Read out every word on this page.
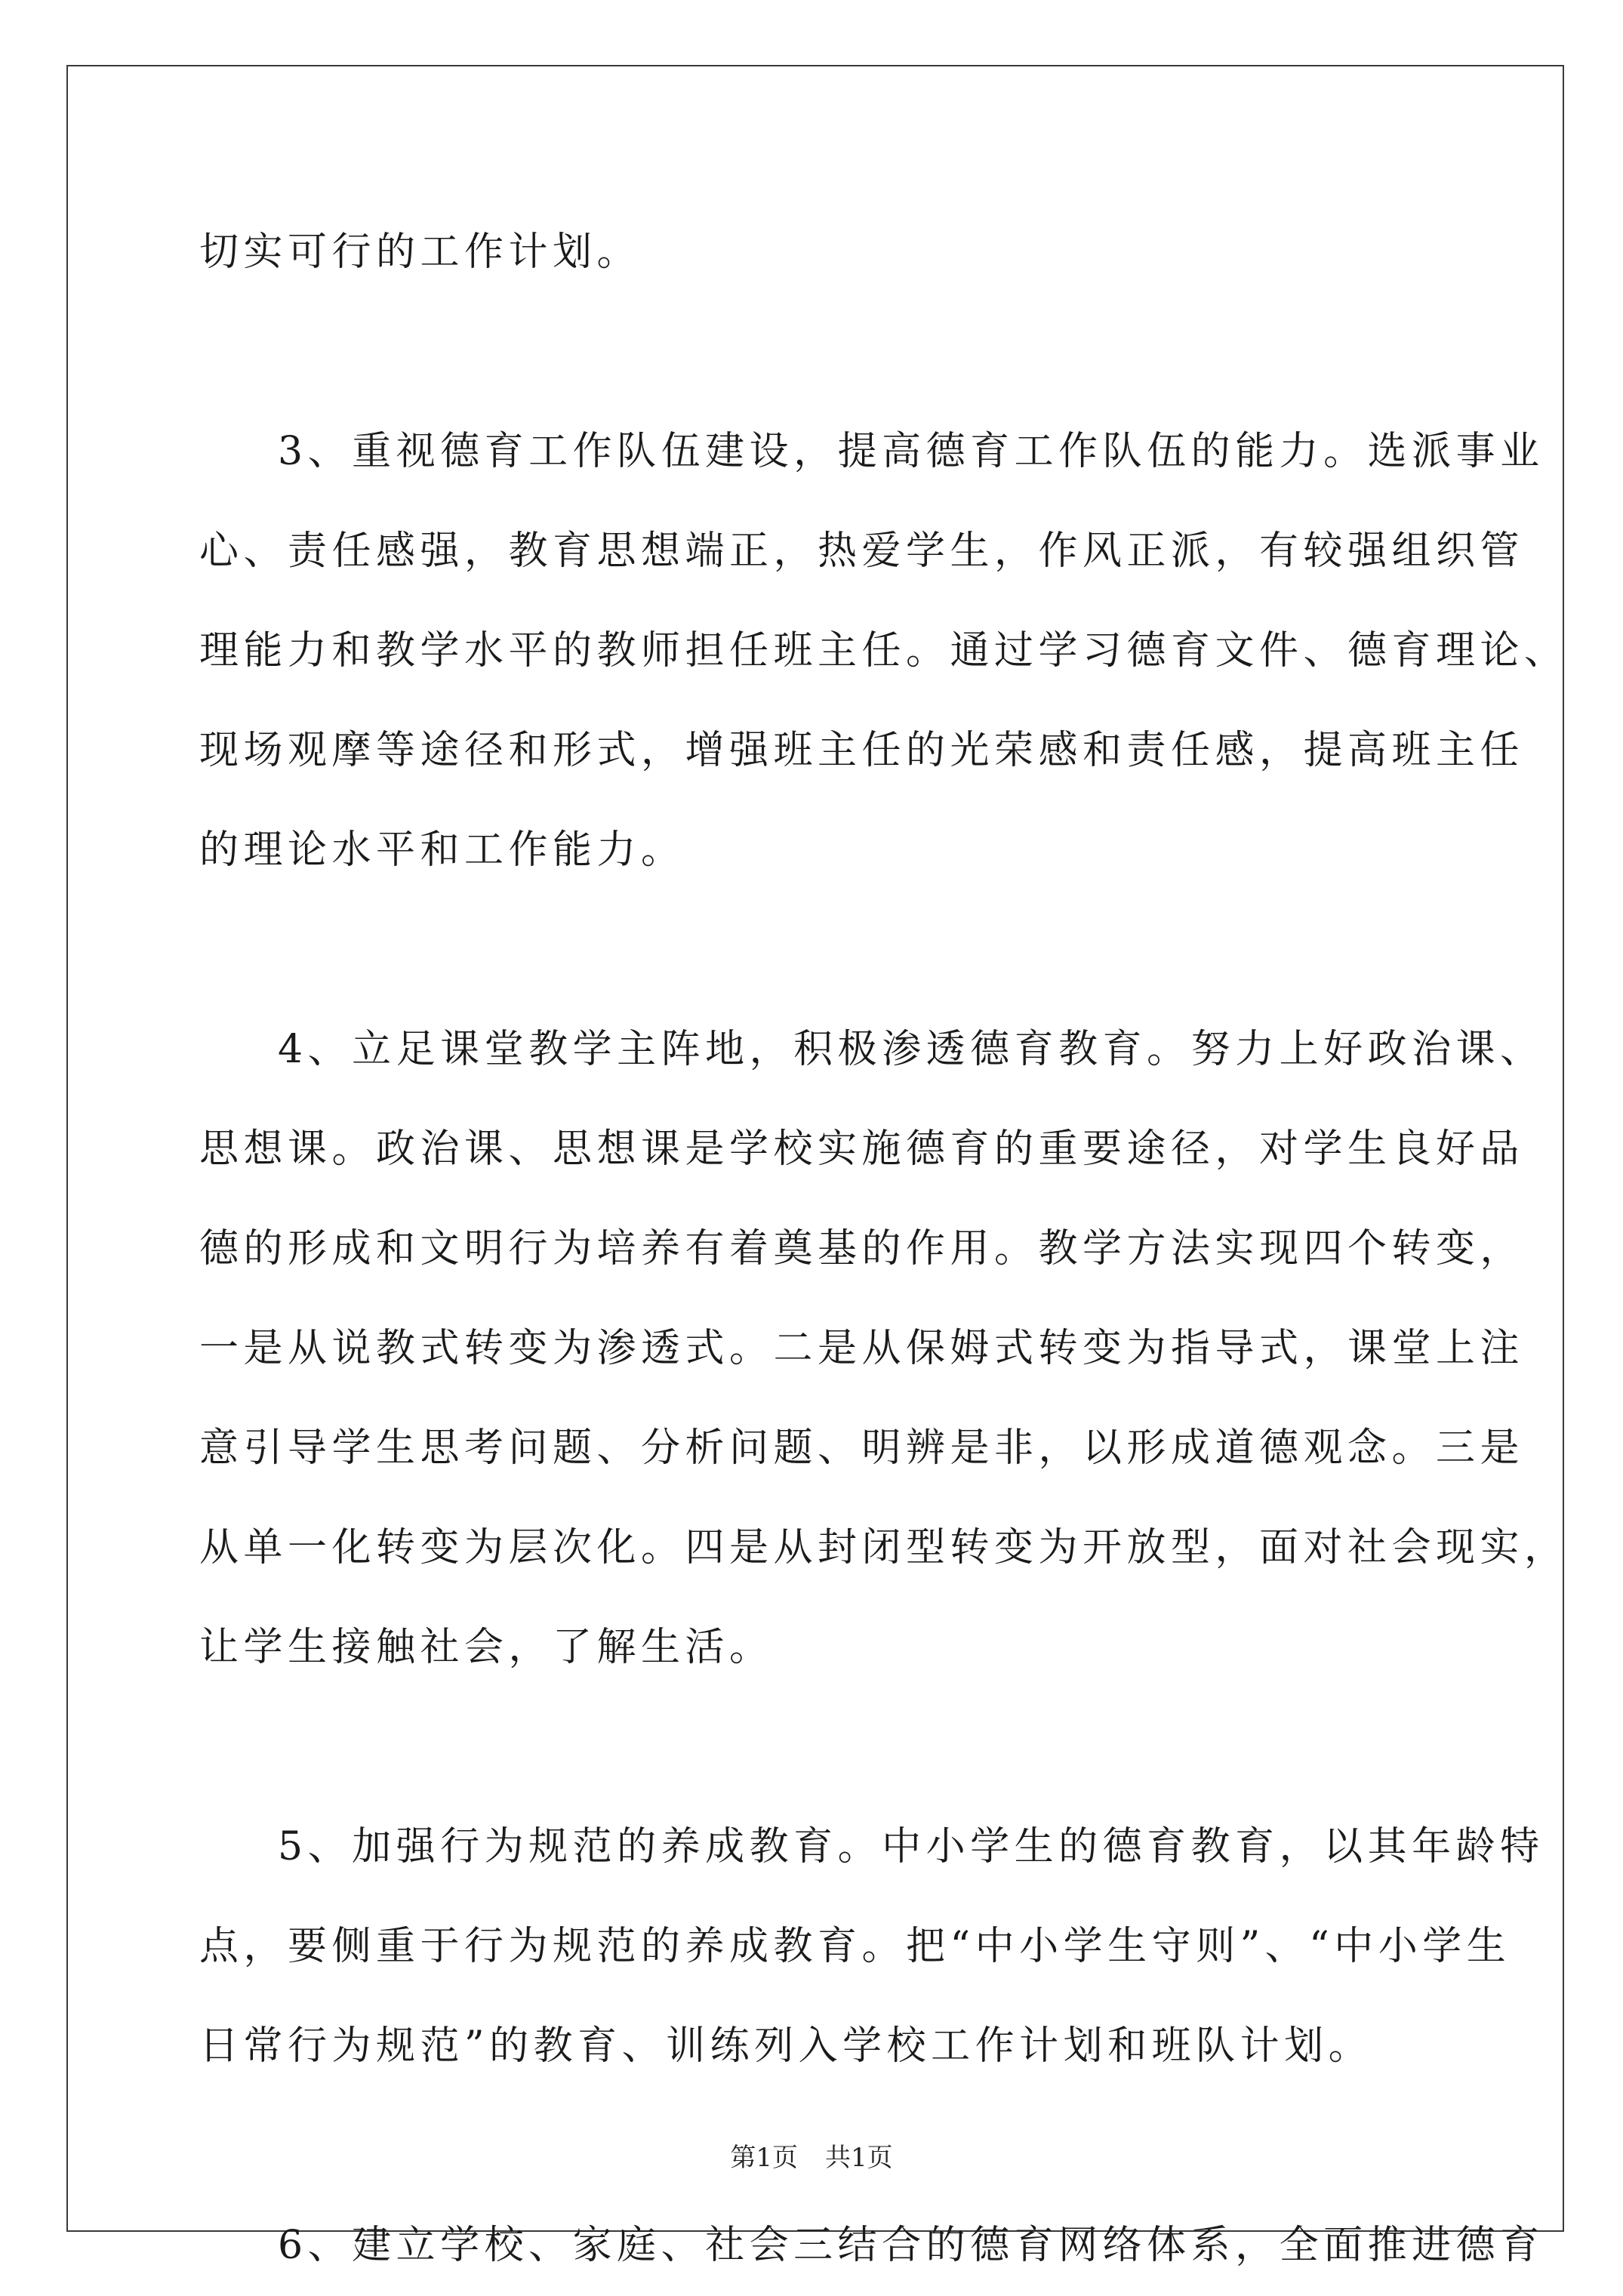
切实可行的工作计划。
3、重视德育工作队伍建设，提高德育工作队伍的能力。选派事业
心、责任感强，教育思想端正，热爱学生，作风正派，有较强组织管
理能力和教学水平的教师担任班主任。通过学习德育文件、德育理论、
现场观摩等途径和形式，增强班主任的光荣感和责任感，提高班主任
的理论水平和工作能力。
4、立足课堂教学主阵地，积极渗透德育教育。努力上好政治课、
思想课。政治课、思想课是学校实施德育的重要途径，对学生良好品
德的形成和文明行为培养有着奠基的作用。教学方法实现四个转变，
一是从说教式转变为渗透式。二是从保姆式转变为指导式，课堂上注
意引导学生思考问题、分析问题、明辨是非，以形成道德观念。三是
从单一化转变为层次化。四是从封闭型转变为开放型，面对社会现实，
让学生接触社会，了解生活。
5、加强行为规范的养成教育。中小学生的德育教育，以其年龄特
点，要侧重于行为规范的养成教育。把“中小学生守则”、“中小学生
日常行为规范”的教育、训练列入学校工作计划和班队计划。
6、建立学校、家庭、社会三结合的德育网络体系，全面推进德育
第1页 共1页
